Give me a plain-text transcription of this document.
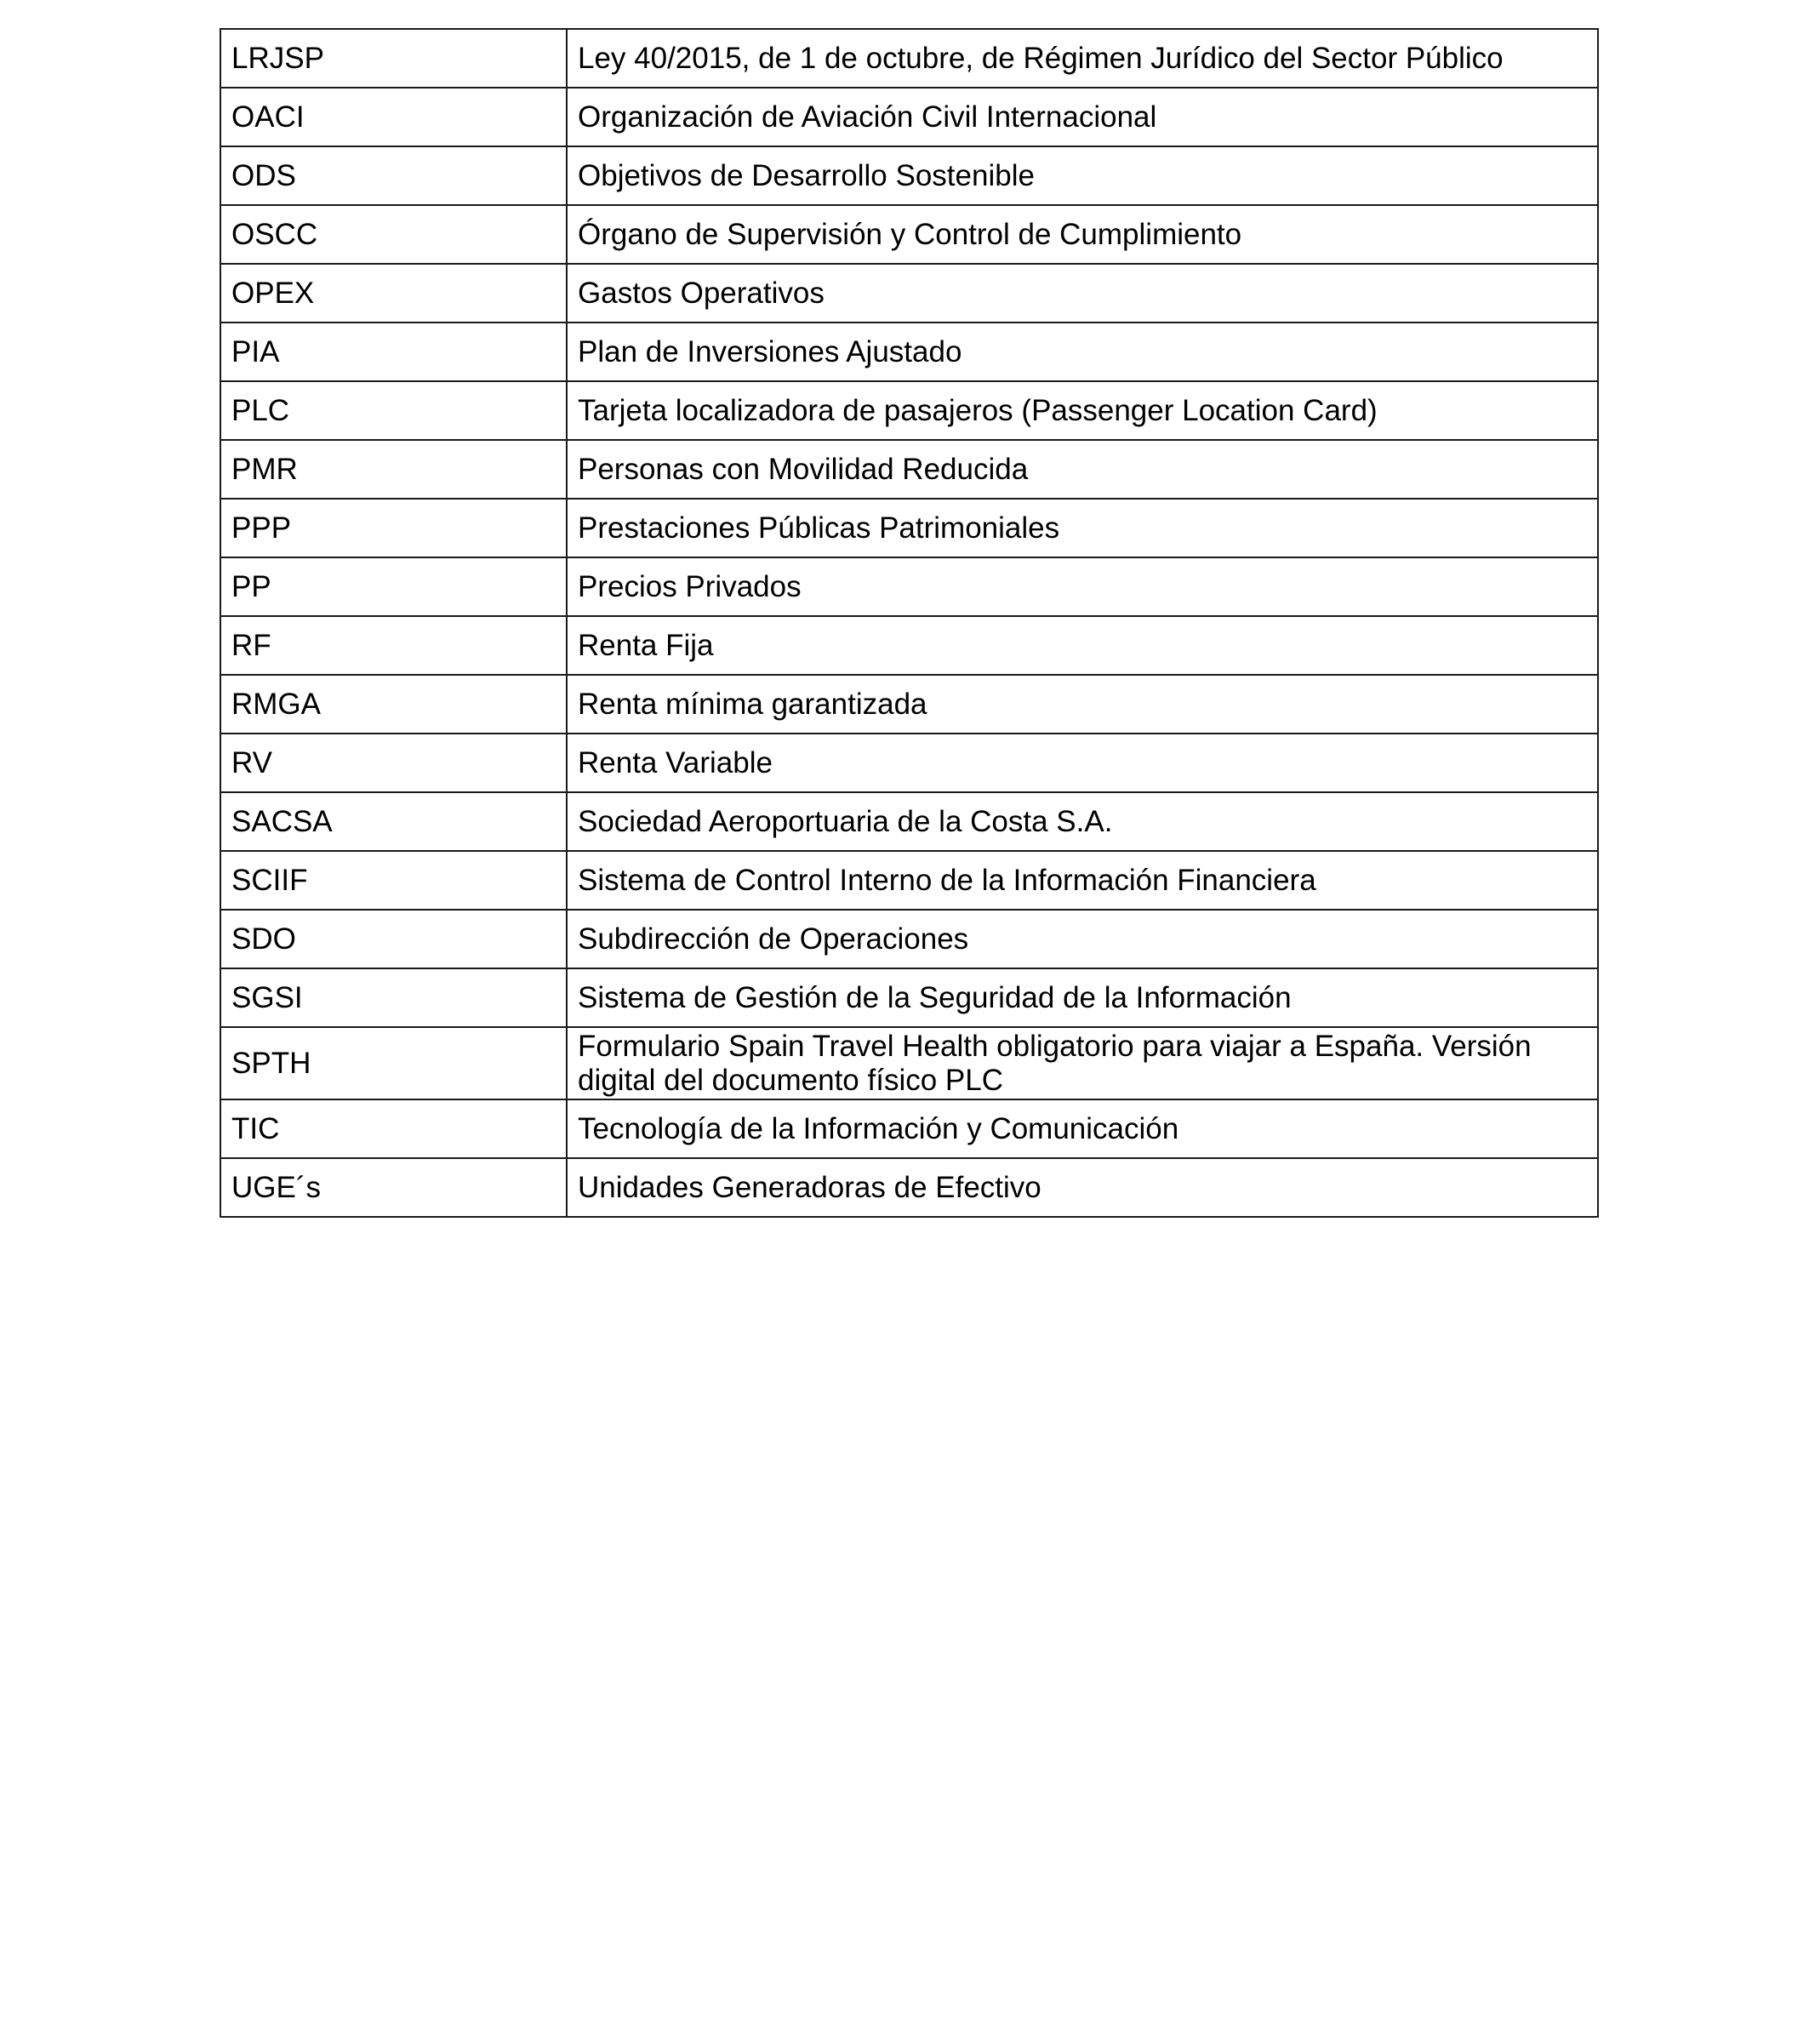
LRJSP	Ley 40/2015, de 1 de octubre, de Régimen Jurídico del Sector Público
OACI	Organización de Aviación Civil Internacional
ODS	Objetivos de Desarrollo Sostenible
OSCC	Órgano de Supervisión y Control de Cumplimiento
OPEX	Gastos Operativos
PIA	Plan de Inversiones Ajustado
PLC	Tarjeta localizadora de pasajeros (Passenger Location Card)
PMR	Personas con Movilidad Reducida
PPP	Prestaciones Públicas Patrimoniales
PP	Precios Privados
RF	Renta Fija
RMGA	Renta mínima garantizada
RV	Renta Variable
SACSA	Sociedad Aeroportuaria de la Costa S.A.
SCIIF	Sistema de Control Interno de la Información Financiera
SDO	Subdirección de Operaciones
SGSI	Sistema de Gestión de la Seguridad de la Información
SPTH	Formulario Spain Travel Health obligatorio para viajar a España. Versión digital del documento físico PLC
TIC	Tecnología de la Información y Comunicación
UGE´s	Unidades Generadoras de Efectivo
